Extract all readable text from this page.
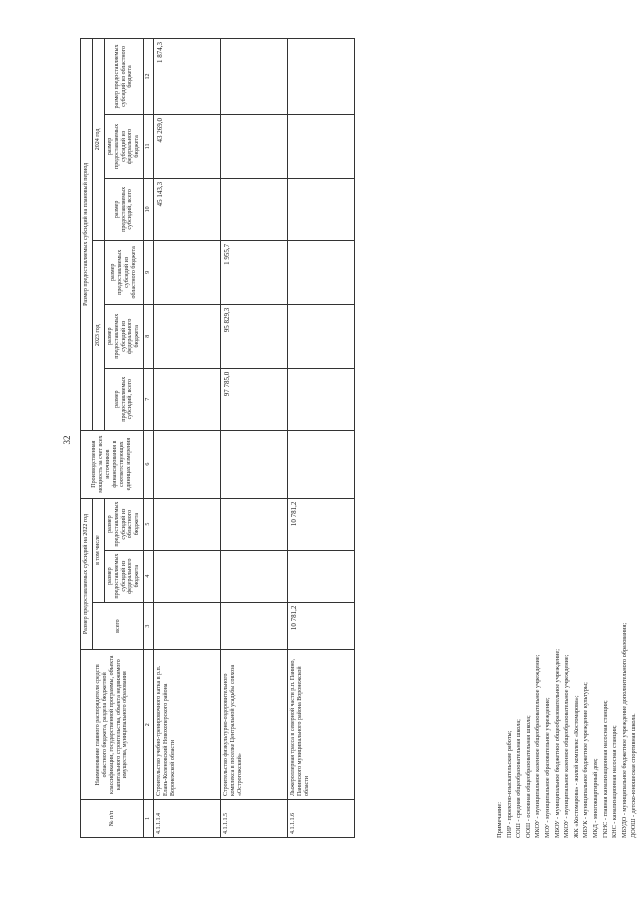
32
№ п/п	Наименование главного распорядителя средств областного бюджета, раздела бюджетной классификации, государственной программы, объекта капитального строительства, объекта недвижимого имущества, муниципального образования	Размер предоставляемых субсидий на 2022 год			Производственная мощность за счет всех источников финансирования в соответствующих единицах измерения	Размер предоставляемых субсидий на плановый период					
		всего	в том числе			2023 год			2024 год		
			размер предоставляемых субсидий из федерального бюджета	размер предоставляемых субсидий из областного бюджета		размер предоставляемых субсидий, всего	размер предоставляемых субсидий из федерального бюджета	размер предоставляемых субсидий из областного бюджета	размер предоставляемых субсидий, всего	размер предоставляемых субсидий из федерального бюджета	размер предоставляемых субсидий из областного бюджета

1	2	3	4	5	6	7	8	9	10	11	12
4.1.1.1.4	Строительство учебно-тренировочного катка в р.п. Елань-Коленовский Новохоперского района Воронежской области								45 143,3	43 269,0	1 874,3
4.1.1.1.5	Строительство физкультурно-оздоровительного комплекса в поселке Центральной усадьбы совхоза «Острогожский»					97 785,0	95 829,3	1 955,7			
4.1.1.1.6	Лыжероллерная трасса в северной части р.п. Панино, Панинского муниципального района Воронежской области	10 781,2		10 781,2							
Примечание: ПИР - проектно-изыскательские работы; СОШ - средняя общеобразовательная школа; ООШ - основная общеобразовательная школа; МКОУ - муниципальное казенное общеобразовательное учреждение; МОУ - муниципальное образовательное учреждение; МБОУ - муниципальное бюджетное общеобразовательное учреждение; МКОУ - муниципальное казенное общеобразовательное учреждение; ЖК «Костомарова» - жилой комплекс «Костомарова»; МБУК - муниципальное бюджетное учреждение культуры; МКД - многоквартирный дом; ГКНС - главная канализационная насосная станция; КНС - канализационная насосная станция; МБУДО - муниципальное бюджетное учреждение дополнительного образования; ДООШ - детско-юношеская спортивная школа.
